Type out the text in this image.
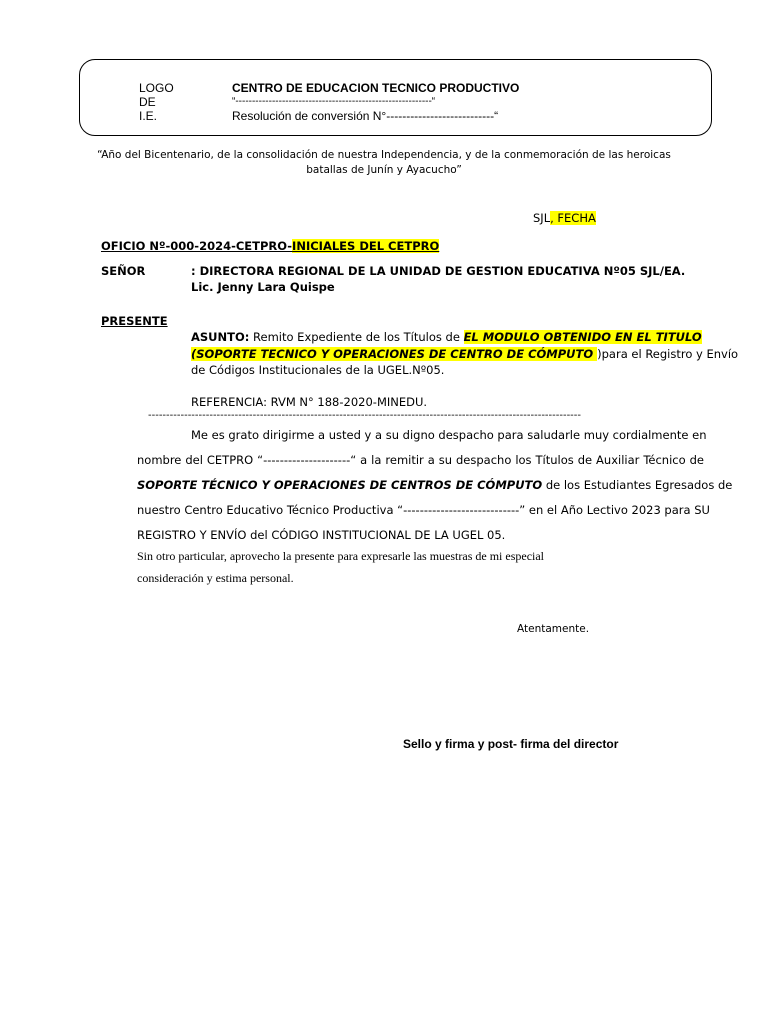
LOGO
DE
I.E.
CENTRO DE EDUCACION TECNICO PRODUCTIVO
“-----------------------------------------------------------“
Resolución de conversión N°---------------------------“
“Año del Bicentenario, de la consolidación de nuestra Independencia, y de la conmemoración de las heroicas
batallas de Junín y Ayacucho”
SJL, FECHA
OFICIO Nº-000-2024-CETPRO-INICIALES DEL CETPRO
SEÑOR	: DIRECTORA REGIONAL DE LA UNIDAD DE GESTION EDUCATIVA Nº05 SJL/EA.
Lic. Jenny Lara Quispe
PRESENTE
ASUNTO: Remito Expediente de los Títulos de EL MODULO OBTENIDO EN EL TITULO
(SOPORTE TECNICO Y OPERACIONES DE CENTRO DE CÓMPUTO )para el Registro y Envío
de Códigos Institucionales de la UGEL.Nº05.
REFERENCIA: RVM N° 188-2020-MINEDU.
------------------------------------------------------------------------------------------------------------------------
Me es grato dirigirme a usted y a su digno despacho para saludarle muy cordialmente en
nombre del CETPRO “---------------------“ a la remitir a su despacho los Títulos de Auxiliar Técnico de
SOPORTE TÉCNICO Y OPERACIONES DE CENTROS DE CÓMPUTO de los Estudiantes Egresados de
nuestro Centro Educativo Técnico Productiva “----------------------------” en el Año Lectivo 2023 para SU
REGISTRO Y ENVÍO del CÓDIGO INSTITUCIONAL DE LA UGEL 05.
Sin otro particular, aprovecho la presente para expresarle las muestras de mi especial
consideración y estima personal.
Atentamente.
Sello y firma y post- firma del director
